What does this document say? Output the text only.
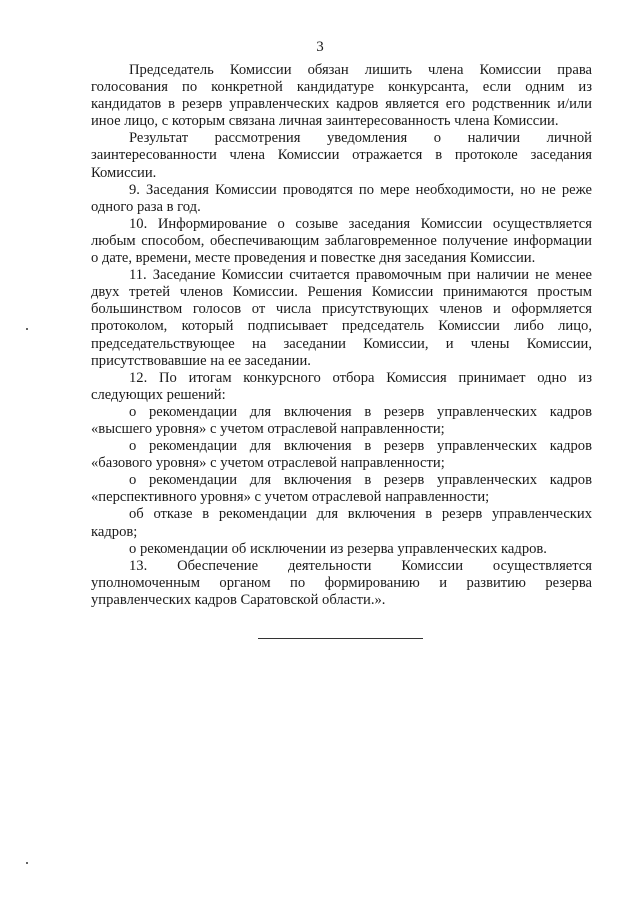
3

Председатель Комиссии обязан лишить члена Комиссии права голосования по конкретной кандидатуре конкурсанта, если одним из кандидатов в резерв управленческих кадров является его родственник и/или иное лицо, с которым связана личная заинтересованность члена Комиссии.

Результат рассмотрения уведомления о наличии личной заинтересованности члена Комиссии отражается в протоколе заседания Комиссии.

9. Заседания Комиссии проводятся по мере необходимости, но не реже одного раза в год.

10. Информирование о созыве заседания Комиссии осуществляется любым способом, обеспечивающим заблаговременное получение информации о дате, времени, месте проведения и повестке дня заседания Комиссии.

11. Заседание Комиссии считается правомочным при наличии не менее двух третей членов Комиссии. Решения Комиссии принимаются простым большинством голосов от числа присутствующих членов и оформляется протоколом, который подписывает председатель Комиссии либо лицо, председательствующее на заседании Комиссии, и члены Комиссии, присутствовавшие на ее заседании.

12. По итогам конкурсного отбора Комиссия принимает одно из следующих решений:

о рекомендации для включения в резерв управленческих кадров «высшего уровня» с учетом отраслевой направленности;

о рекомендации для включения в резерв управленческих кадров «базового уровня» с учетом отраслевой направленности;

о рекомендации для включения в резерв управленческих кадров «перспективного уровня» с учетом отраслевой направленности;

об отказе в рекомендации для включения в резерв управленческих кадров;

о рекомендации об исключении из резерва управленческих кадров.

13. Обеспечение деятельности Комиссии осуществляется уполномоченным органом по формированию и развитию резерва управленческих кадров Саратовской области.».
